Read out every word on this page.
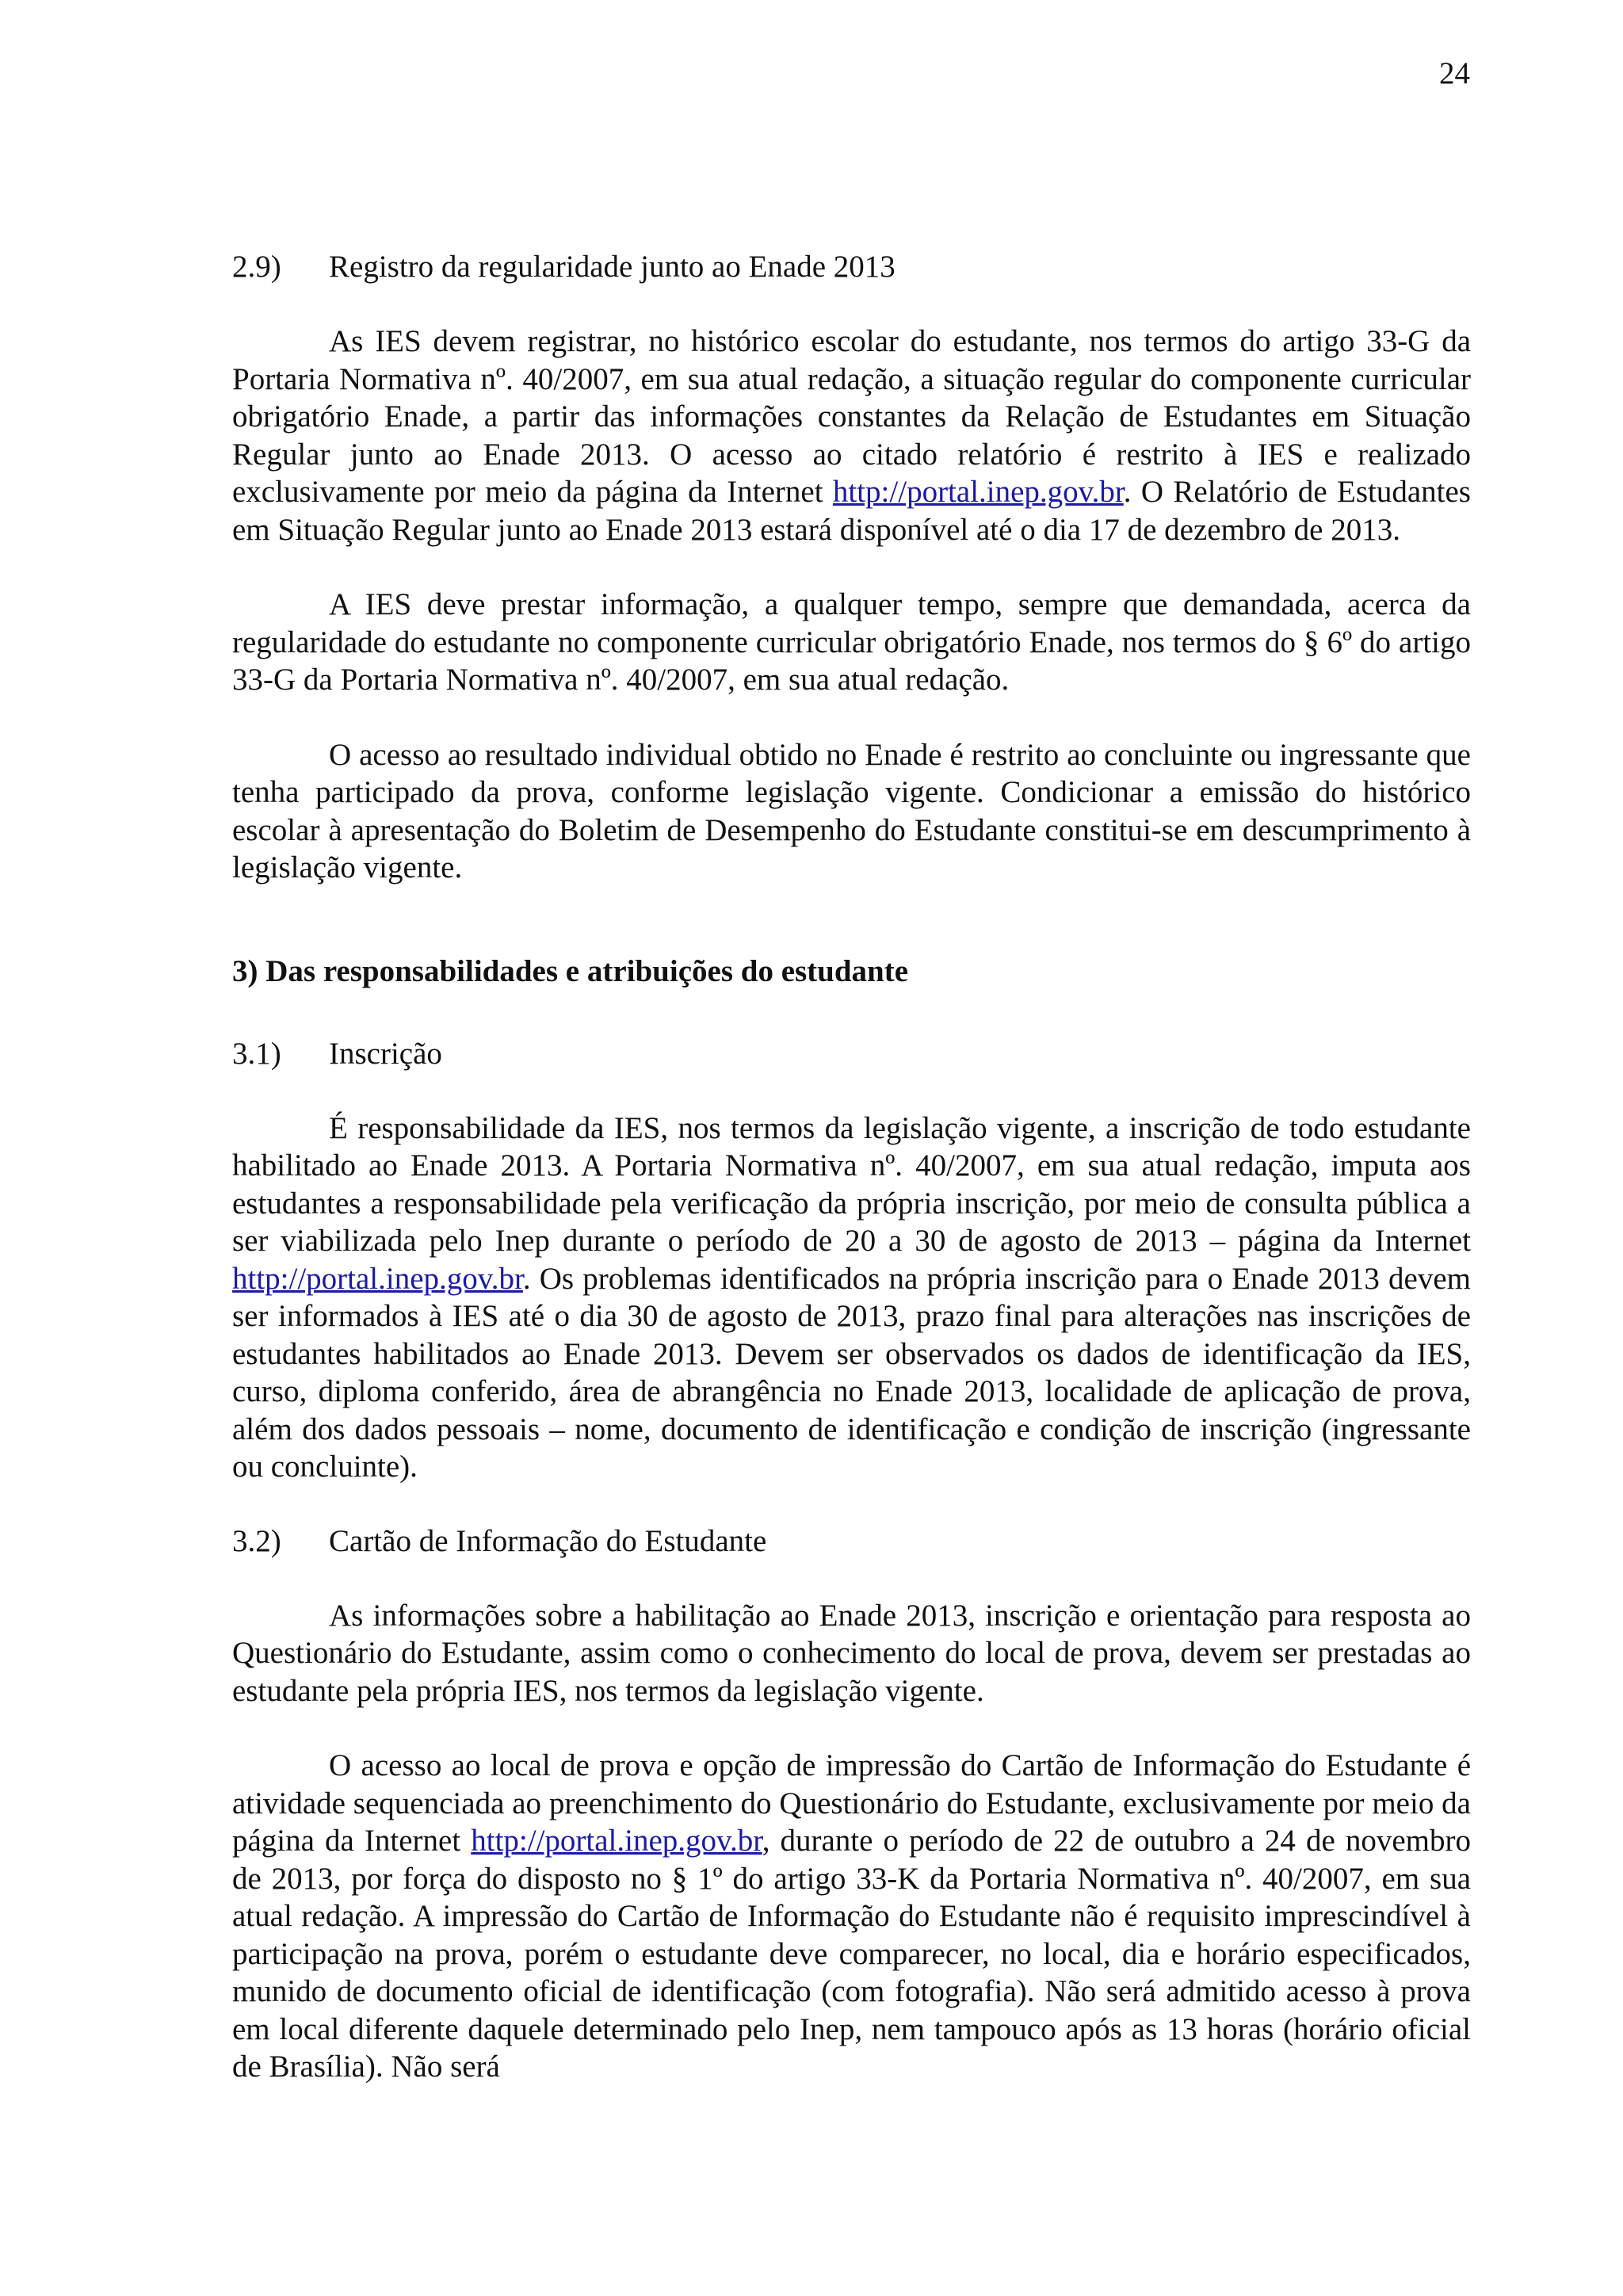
24
2.9)	Registro da regularidade junto ao Enade 2013

As IES devem registrar, no histórico escolar do estudante, nos termos do artigo 33-G da Portaria Normativa nº. 40/2007, em sua atual redação, a situação regular do componente curricular obrigatório Enade, a partir das informações constantes da Relação de Estudantes em Situação Regular junto ao Enade 2013. O acesso ao citado relatório é restrito à IES e realizado exclusivamente por meio da página da Internet http://portal.inep.gov.br. O Relatório de Estudantes em Situação Regular junto ao Enade 2013 estará disponível até o dia 17 de dezembro de 2013.

A IES deve prestar informação, a qualquer tempo, sempre que demandada, acerca da regularidade do estudante no componente curricular obrigatório Enade, nos termos do § 6º do artigo 33-G da Portaria Normativa nº. 40/2007, em sua atual redação.

O acesso ao resultado individual obtido no Enade é restrito ao concluinte ou ingressante que tenha participado da prova, conforme legislação vigente. Condicionar a emissão do histórico escolar à apresentação do Boletim de Desempenho do Estudante constitui-se em descumprimento à legislação vigente.

3) Das responsabilidades e atribuições do estudante

3.1)	Inscrição

É responsabilidade da IES, nos termos da legislação vigente, a inscrição de todo estudante habilitado ao Enade 2013. A Portaria Normativa nº. 40/2007, em sua atual redação, imputa aos estudantes a responsabilidade pela verificação da própria inscrição, por meio de consulta pública a ser viabilizada pelo Inep durante o período de 20 a 30 de agosto de 2013 – página da Internet http://portal.inep.gov.br. Os problemas identificados na própria inscrição para o Enade 2013 devem ser informados à IES até o dia 30 de agosto de 2013, prazo final para alterações nas inscrições de estudantes habilitados ao Enade 2013. Devem ser observados os dados de identificação da IES, curso, diploma conferido, área de abrangência no Enade 2013, localidade de aplicação de prova, além dos dados pessoais – nome, documento de identificação e condição de inscrição (ingressante ou concluinte).

3.2)	Cartão de Informação do Estudante

As informações sobre a habilitação ao Enade 2013, inscrição e orientação para resposta ao Questionário do Estudante, assim como o conhecimento do local de prova, devem ser prestadas ao estudante pela própria IES, nos termos da legislação vigente.

O acesso ao local de prova e opção de impressão do Cartão de Informação do Estudante é atividade sequenciada ao preenchimento do Questionário do Estudante, exclusivamente por meio da página da Internet http://portal.inep.gov.br, durante o período de 22 de outubro a 24 de novembro de 2013, por força do disposto no § 1º do artigo 33-K da Portaria Normativa nº. 40/2007, em sua atual redação. A impressão do Cartão de Informação do Estudante não é requisito imprescindível à participação na prova, porém o estudante deve comparecer, no local, dia e horário especificados, munido de documento oficial de identificação (com fotografia). Não será admitido acesso à prova em local diferente daquele determinado pelo Inep, nem tampouco após as 13 horas (horário oficial de Brasília). Não será
